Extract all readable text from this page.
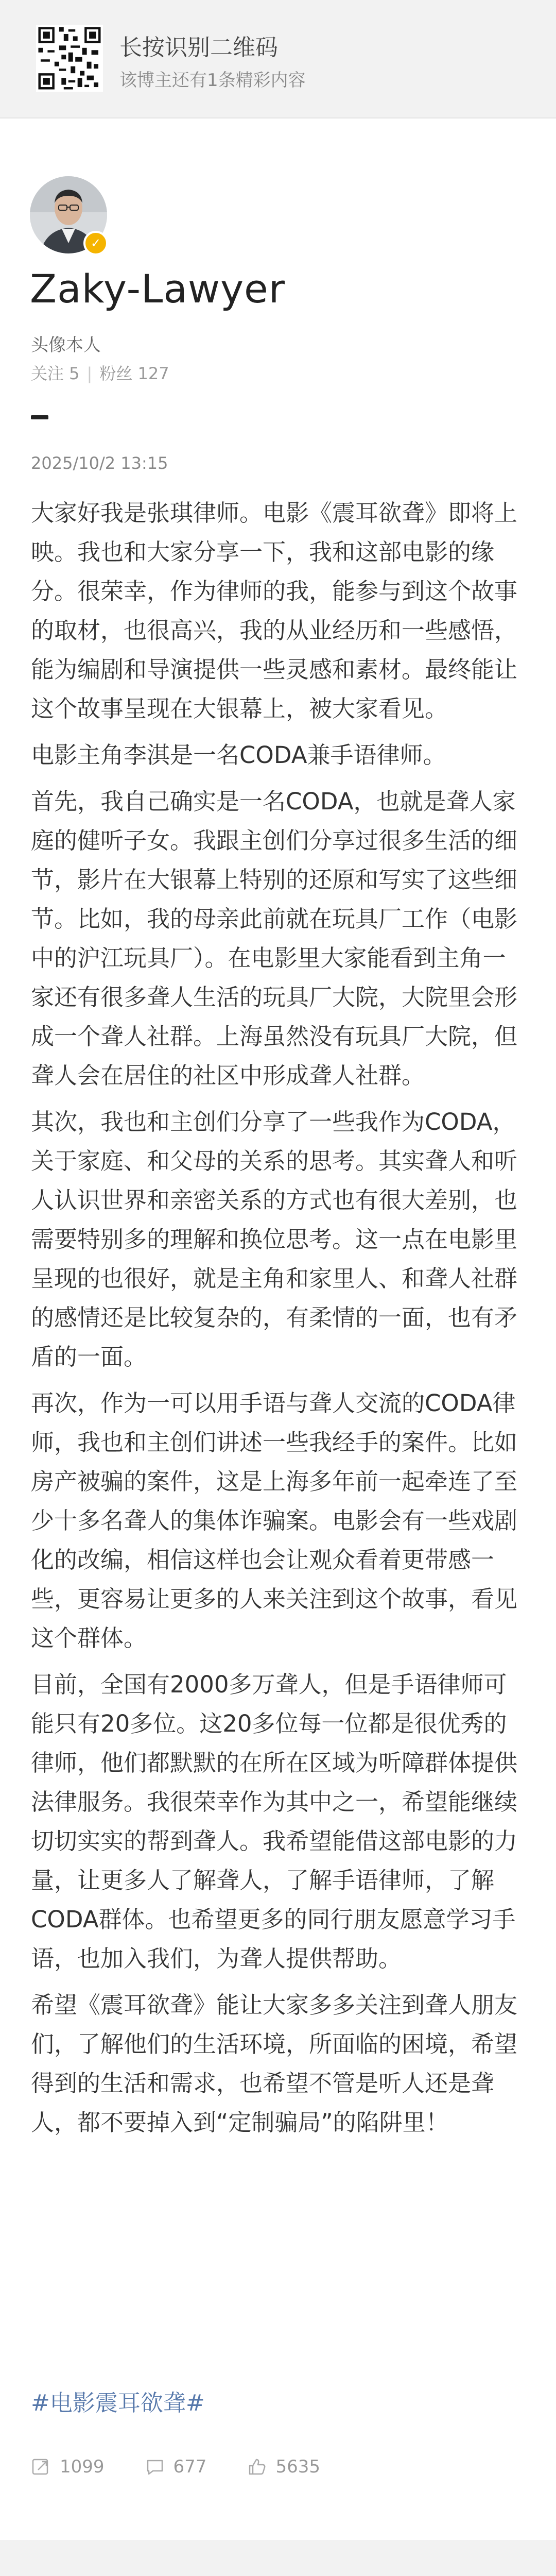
长按识别二维码
该博主还有1条精彩内容
✓
Zaky-Lawyer
头像本人
关注 5 | 粉丝 127
2025/10/2 13:15

大家好我是张琪律师。电影《震耳欲聋》即将上映。我也和大家分享一下，我和这部电影的缘分。很荣幸，作为律师的我，能参与到这个故事的取材，也很高兴，我的从业经历和一些感悟，能为编剧和导演提供一些灵感和素材。最终能让这个故事呈现在大银幕上，被大家看见。

电影主角李淇是一名CODA兼手语律师。

首先，我自己确实是一名CODA，也就是聋人家庭的健听子女。我跟主创们分享过很多生活的细节，影片在大银幕上特别的还原和写实了这些细节。比如，我的母亲此前就在玩具厂工作（电影中的沪江玩具厂）。在电影里大家能看到主角一家还有很多聋人生活的玩具厂大院，大院里会形成一个聋人社群。上海虽然没有玩具厂大院，但聋人会在居住的社区中形成聋人社群。

其次，我也和主创们分享了一些我作为CODA，关于家庭、和父母的关系的思考。其实聋人和听人认识世界和亲密关系的方式也有很大差别，也需要特别多的理解和换位思考。这一点在电影里呈现的也很好，就是主角和家里人、和聋人社群的感情还是比较复杂的，有柔情的一面，也有矛盾的一面。

再次，作为一可以用手语与聋人交流的CODA律师，我也和主创们讲述一些我经手的案件。比如房产被骗的案件，这是上海多年前一起牵连了至少十多名聋人的集体诈骗案。电影会有一些戏剧化的改编，相信这样也会让观众看着更带感一些，更容易让更多的人来关注到这个故事，看见这个群体。

目前，全国有2000多万聋人，但是手语律师可能只有20多位。这20多位每一位都是很优秀的律师，他们都默默的在所在区域为听障群体提供法律服务。我很荣幸作为其中之一，希望能继续切切实实的帮到聋人。我希望能借这部电影的力量，让更多人了解聋人，了解手语律师，了解CODA群体。也希望更多的同行朋友愿意学习手语，也加入我们，为聋人提供帮助。

希望《震耳欲聋》能让大家多多关注到聋人朋友们，了解他们的生活环境，所面临的困境，希望得到的生活和需求，也希望不管是听人还是聋人，都不要掉入到“定制骗局”的陷阱里！

#电影震耳欲聋#
1099	677	5635
